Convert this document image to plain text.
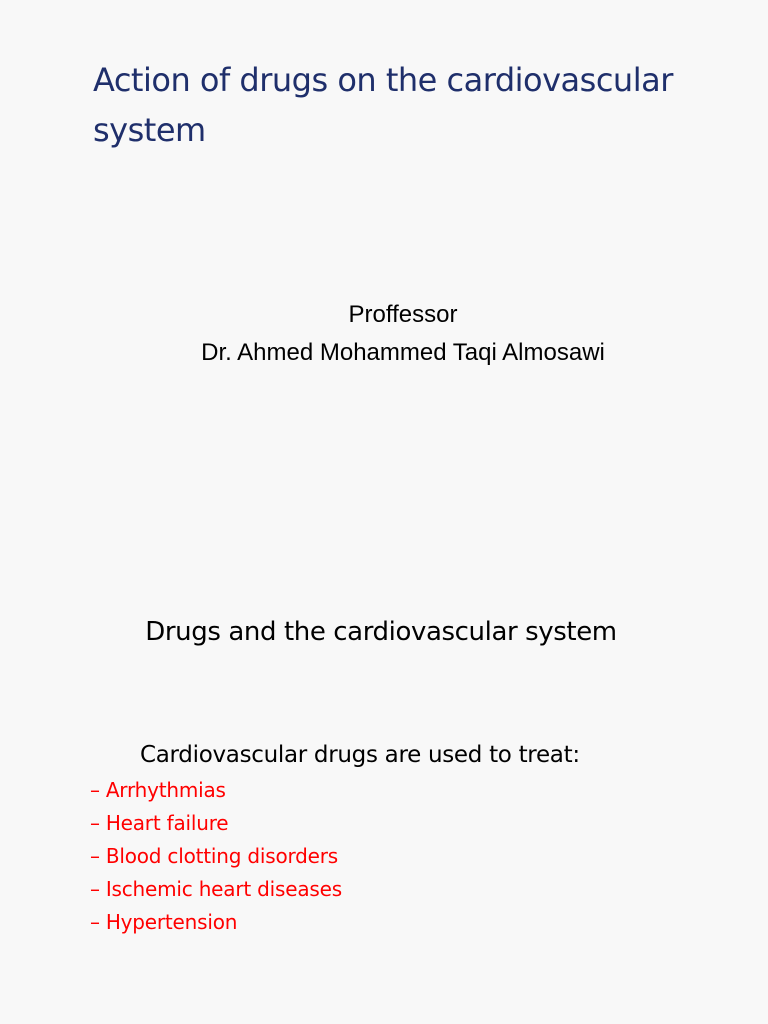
Action of drugs on the cardiovascular system
Proffessor
Dr. Ahmed Mohammed Taqi Almosawi
Drugs and the cardiovascular system

Cardiovascular drugs are used to treat:

– Arrhythmias
– Heart failure
– Blood clotting disorders
– Ischemic heart diseases
– Hypertension
